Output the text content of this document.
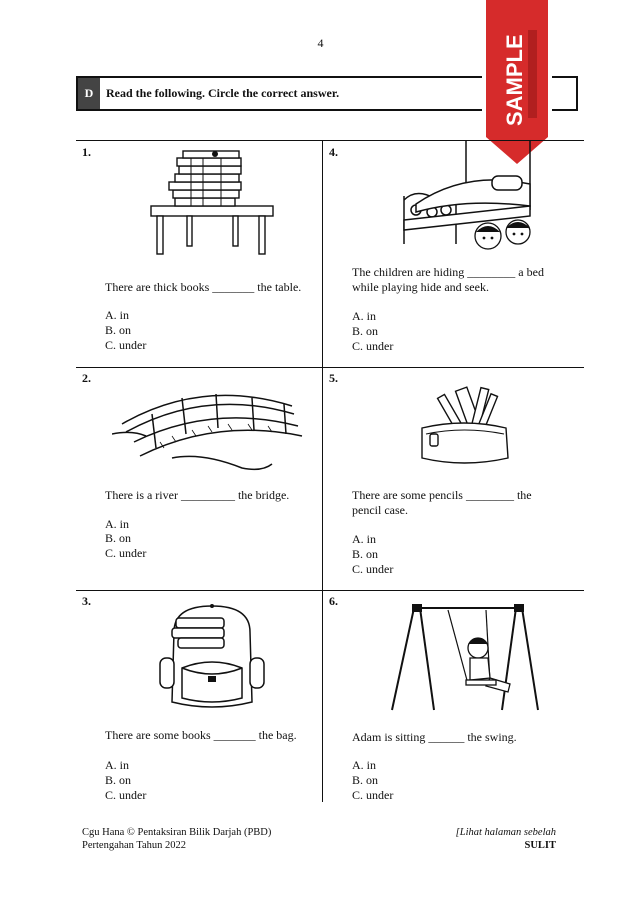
4
D	Read the following. Circle the correct answer.	SAMPLE
1.
There are thick books _______ the table.
A. in
B. on
C. under
4.
The children are hiding ________ a bed
while playing hide and seek.
A. in
B. on
C. under
2.
There is a river _________ the bridge.
A. in
B. on
C. under
5.
There are some pencils ________ the
pencil case.
A. in
B. on
C. under
3.
There are some books _______ the bag.
A. in
B. on
C. under
6.
Adam is sitting ______ the swing.
A. in
B. on
C. under
Cgu Hana © Pentaksiran Bilik Darjah (PBD)
Pertengahan Tahun 2022
[Lihat halaman sebelah
SULIT
